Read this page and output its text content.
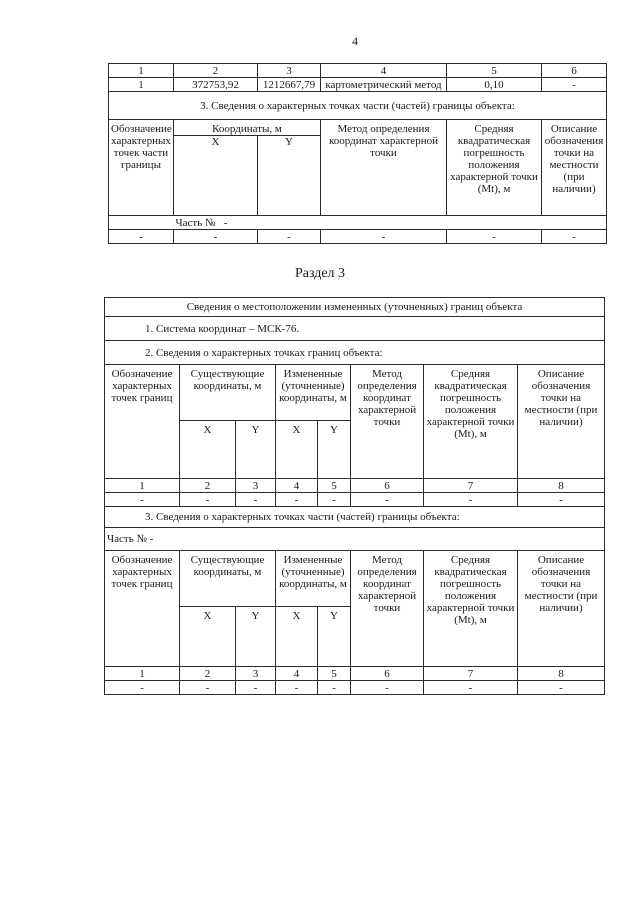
4
1	2	3	4	5	6
1	372753,92	1212667,79	картометрический метод	0,10	-
3. Сведения о характерных точках части (частей) границы объекта:					
Обозначение характерных точек части границы	Координаты, м		Метод определения координат характерной точки	Средняя квадратическая погрешность положения характерной точки (Mt), м	Описание обозначения точки на местности (при наличии)
	X	Y			
	Часть № -				
-	-	-	-	-	-
Раздел 3
Сведения о местоположении измененных (уточненных) границ объекта							
1. Система координат – МСК-76.							
2. Сведения о характерных точках границ объекта:							
Обозначение характерных точек границ	Существующие координаты, м		Измененные (уточненные) координаты, м		Метод определения координат характерной точки	Средняя квадратическая погрешность положения характерной точки (Mt), м	Описание обозначения точки на местности (при наличии)
	X	Y	X	Y			
1	2	3	4	5	6	7	8
-	-	-	-	-	-	-	-
3. Сведения о характерных точках части (частей) границы объекта:							
Часть № -							
Обозначение характерных точек границ	Существующие координаты, м		Измененные (уточненные) координаты, м		Метод определения координат характерной точки	Средняя квадратическая погрешность положения характерной точки (Mt), м	Описание обозначения точки на местности (при наличии)
	X	Y	X	Y			
1	2	3	4	5	6	7	8
-	-	-	-	-	-	-	-
